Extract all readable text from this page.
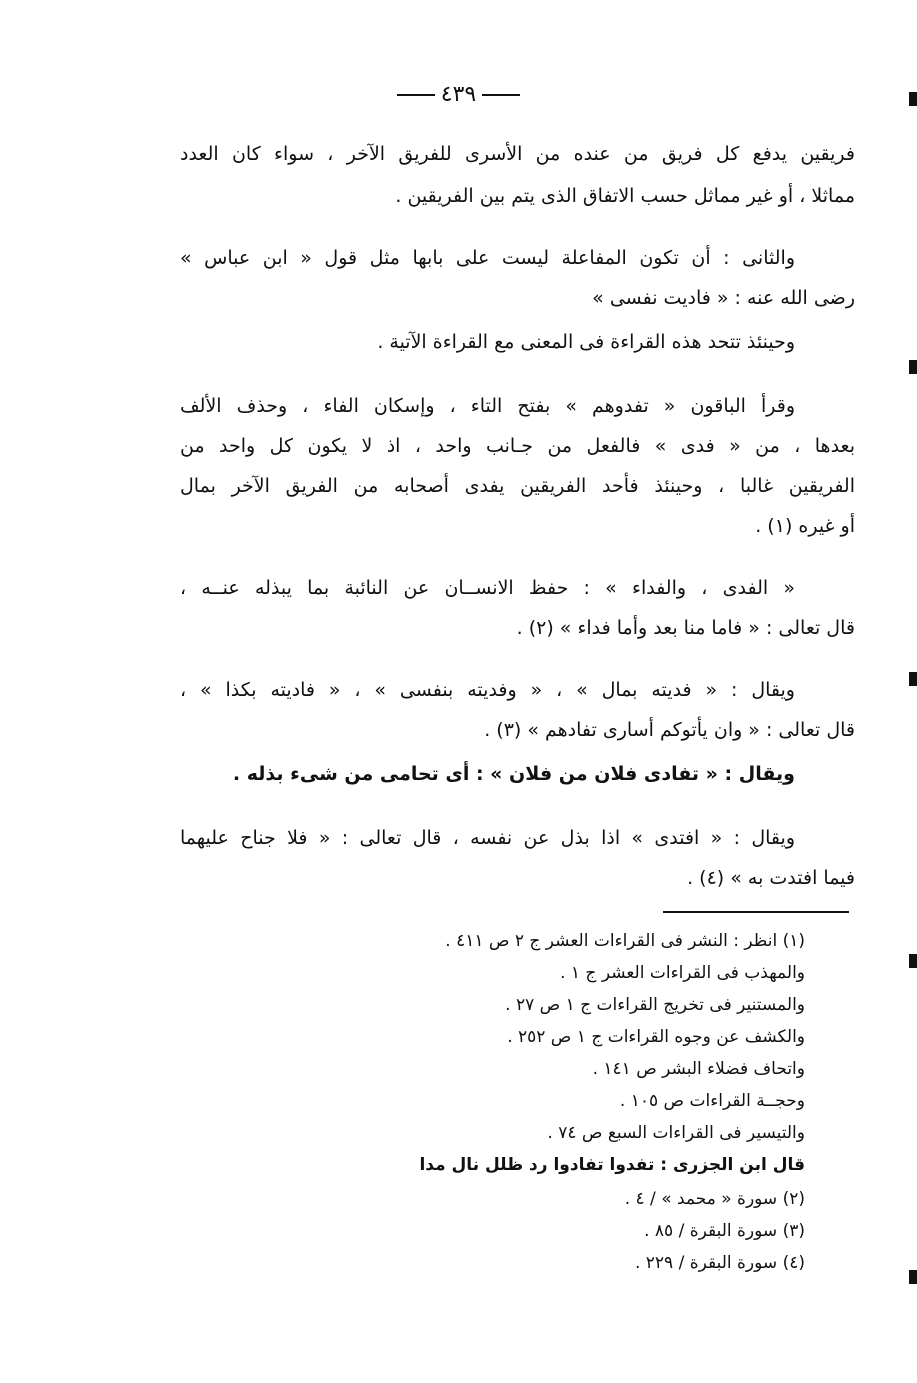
٤٣٩
فريقين يدفع كل فريق من عنده من الأسرى للفريق الآخر ، سواء كان العدد
مماثلا ، أو غير مماثل حسب الاتفاق الذى يتم بين الفريقين .
والثانى : أن تكون المفاعلة ليست على بابها مثل قول « ابن عباس »
رضى الله عنه : « فاديت نفسى »
وحينئذ تتحد هذه القراءة فى المعنى مع القراءة الآتية .
وقرأ الباقون « تفدوهم » بفتح التاء ، وإسكان الفاء ، وحذف الألف
بعدها ، من « فدى » فالفعل من جـانب واحد ، اذ لا يكون كل واحد من
الفريقين غالبا ، وحينئذ فأحد الفريقين يفدى أصحابه من الفريق الآخر بمال
أو غيره (١) .
« الفدى ، والفداء » : حفظ الانســان عن النائبة بما يبذله عنــه ،
قال تعالى : « فاما منا بعد وأما فداء » (٢) .
ويقال : « فديته بمال » ، « وفديته بنفسى » ، « فاديته بكذا » ،
قال تعالى : « وان يأتوكم أسارى تفادهم » (٣) .
ويقال : « تفادى فلان من فلان » : أى تحامى من شىء بذله .
ويقال : « افتدى » اذا بذل عن نفسه ، قال تعالى : « فلا جناح عليهما
فيما افتدت به » (٤) .
(١) انظر : النشر فى القراءات العشر ج ٢ ص ٤١١ .
والمهذب فى القراءات العشر ج ١ .
والمستنير فى تخريج القراءات ج ١ ص ٢٧ .
والكشف عن وجوه القراءات ج ١ ص ٢٥٢ .
واتحاف فضلاء البشر ص ١٤١ .
وحجــة القراءات ص ١٠٥ .
والتيسير فى القراءات السبع ص ٧٤ .
قال ابن الجزرى : تفدوا تفادوا رد ظلل نال مدا
(٢) سورة « محمد » / ٤ .
(٣) سورة البقرة / ٨٥ .
(٤) سورة البقرة / ٢٢٩ .
